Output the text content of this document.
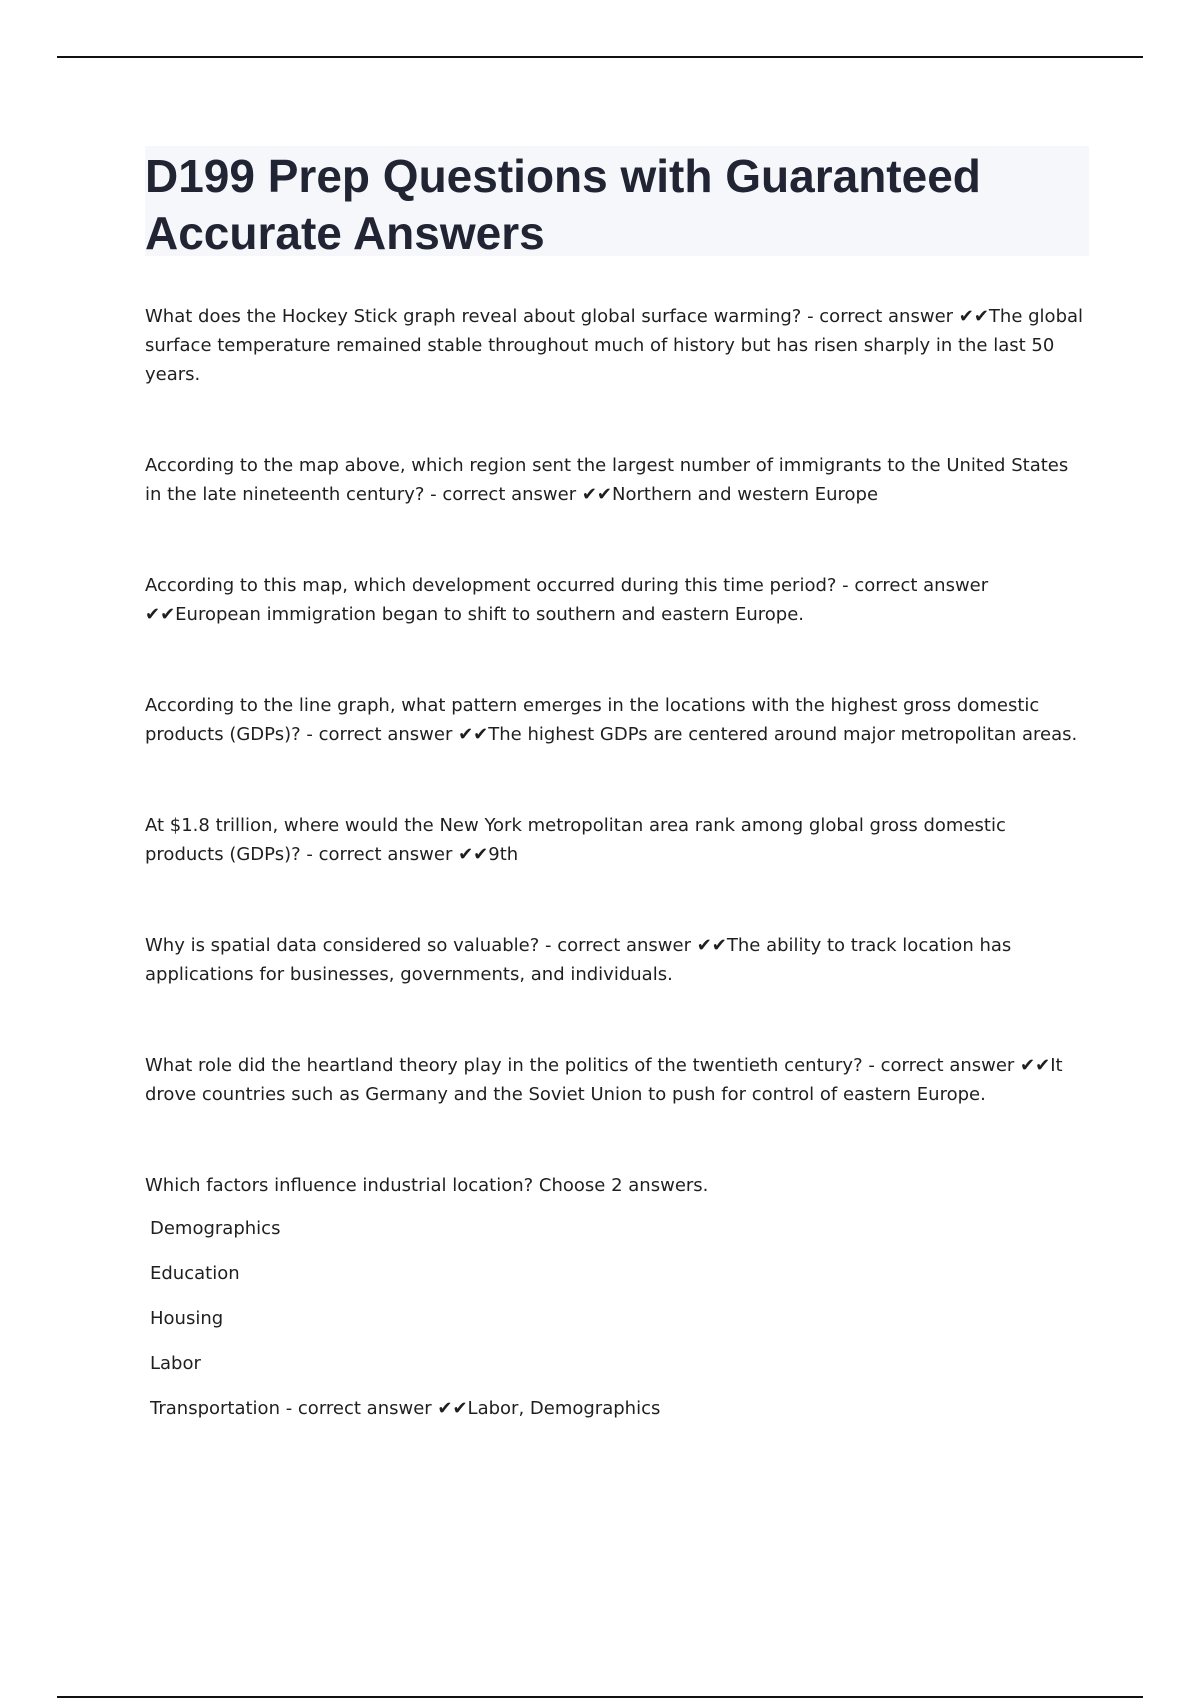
D199 Prep Questions with Guaranteed Accurate Answers

What does the Hockey Stick graph reveal about global surface warming? - correct answer ✔✔The global surface temperature remained stable throughout much of history but has risen sharply in the last 50 years.

According to the map above, which region sent the largest number of immigrants to the United States in the late nineteenth century? - correct answer ✔✔Northern and western Europe

According to this map, which development occurred during this time period? - correct answer ✔✔European immigration began to shift to southern and eastern Europe.

According to the line graph, what pattern emerges in the locations with the highest gross domestic products (GDPs)? - correct answer ✔✔The highest GDPs are centered around major metropolitan areas.

At $1.8 trillion, where would the New York metropolitan area rank among global gross domestic products (GDPs)? - correct answer ✔✔9th

Why is spatial data considered so valuable? - correct answer ✔✔The ability to track location has applications for businesses, governments, and individuals.

What role did the heartland theory play in the politics of the twentieth century? - correct answer ✔✔It drove countries such as Germany and the Soviet Union to push for control of eastern Europe.

Which factors influence industrial location? Choose 2 answers.
Demographics
Education
Housing
Labor
Transportation - correct answer ✔✔Labor, Demographics
